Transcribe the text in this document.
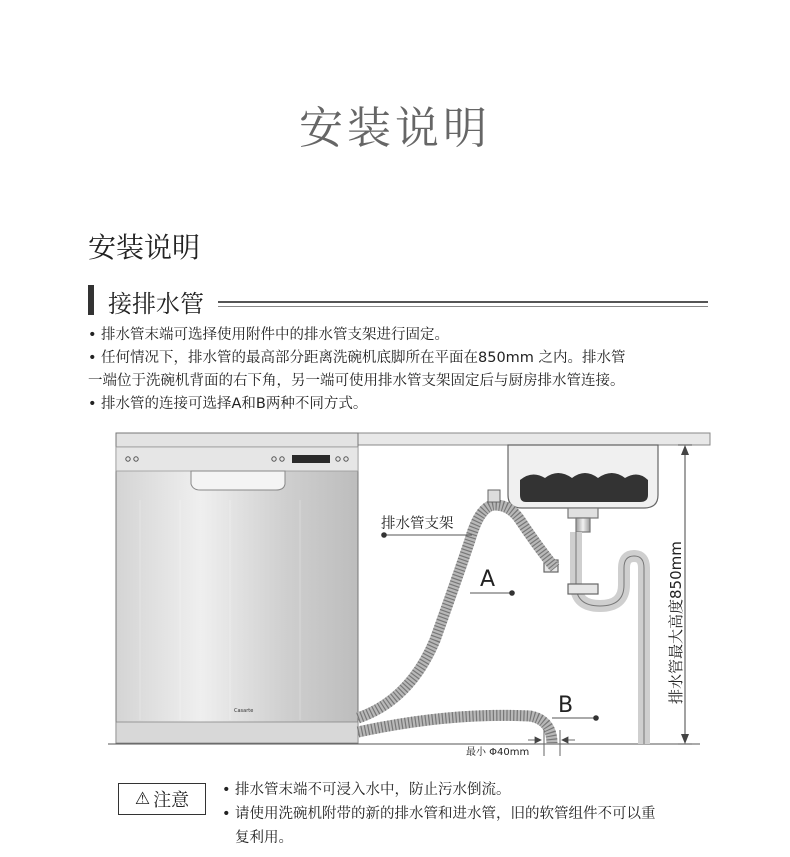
安装说明
安装说明
接排水管

• 排水管末端可选择使用附件中的排水管支架进行固定。

• 任何情况下，排水管的最高部分距离洗碗机底脚所在平面在850mm 之内。排水管

一端位于洗碗机背面的右下角，另一端可使用排水管支架固定后与厨房排水管连接。

• 排水管的连接可选择A和B两种不同方式。

Casarte
排水管支架
A
B
最小 Φ40mm
排水管最大高度850mm
⚠ 注意 • 排水管末端不可浸入水中，防止污水倒流。

• 请使用洗碗机附带的新的排水管和进水管，旧的软管组件不可以重

复利用。
